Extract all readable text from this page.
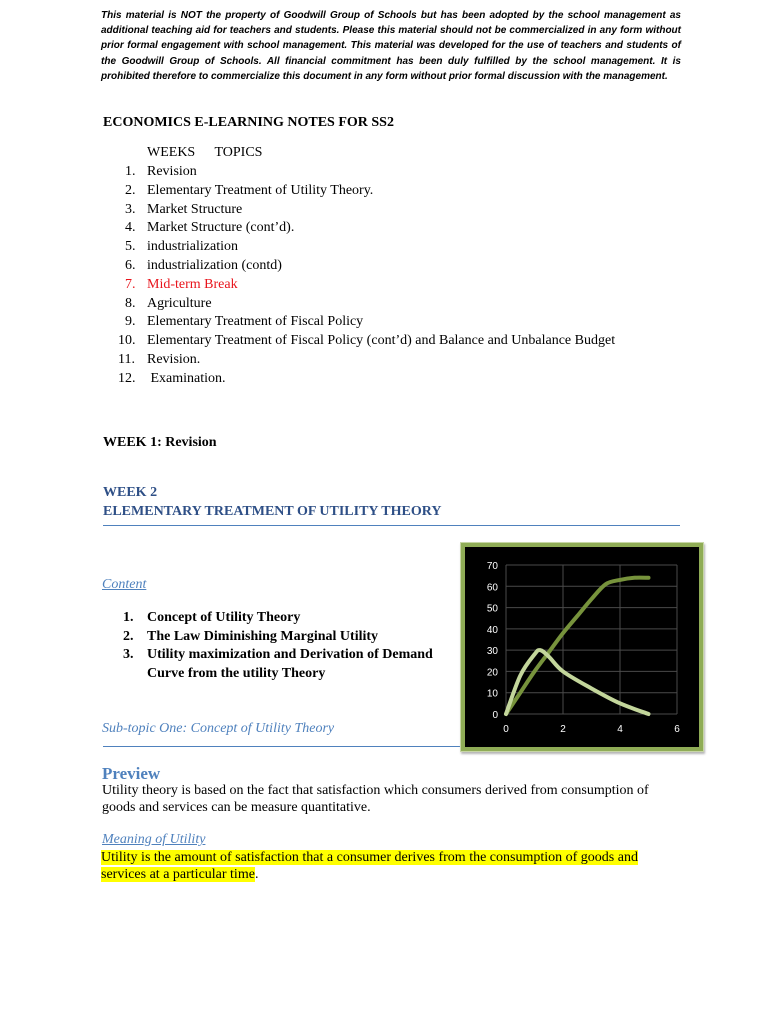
This material is NOT the property of Goodwill Group of Schools but has been adopted by the school management as additional teaching aid for teachers and students. Please this material should not be commercialized in any form without prior formal engagement with school management. This material was developed for the use of teachers and students of the Goodwill Group of Schools. All financial commitment has been duly fulfilled by the school management. It is prohibited therefore to commercialize this document in any form without prior formal discussion with the management.
ECONOMICS E-LEARNING NOTES FOR SS2
WEEKS TOPICS
1. Revision
2. Elementary Treatment of Utility Theory.
3. Market Structure
4. Market Structure (cont’d).
5. industrialization
6. industrialization (contd)
7. Mid-term Break
8. Agriculture
9. Elementary Treatment of Fiscal Policy
10. Elementary Treatment of Fiscal Policy (cont’d) and Balance and Unbalance Budget
11. Revision.
12. Examination.
WEEK 1: Revision
WEEK 2
ELEMENTARY TREATMENT OF UTILITY THEORY
Content
1. Concept of Utility Theory
2. The Law Diminishing Marginal Utility
3. Utility maximization and Derivation of Demand Curve from the utility Theory
Sub-topic One: Concept of Utility Theory
0
10
20
30
40
50
60
70
0	2	4	6
Preview
Utility theory is based on the fact that satisfaction which consumers derived from consumption of goods and services can be measure quantitative.
Meaning of Utility
Utility is the amount of satisfaction that a consumer derives from the consumption of goods and services at a particular time.
